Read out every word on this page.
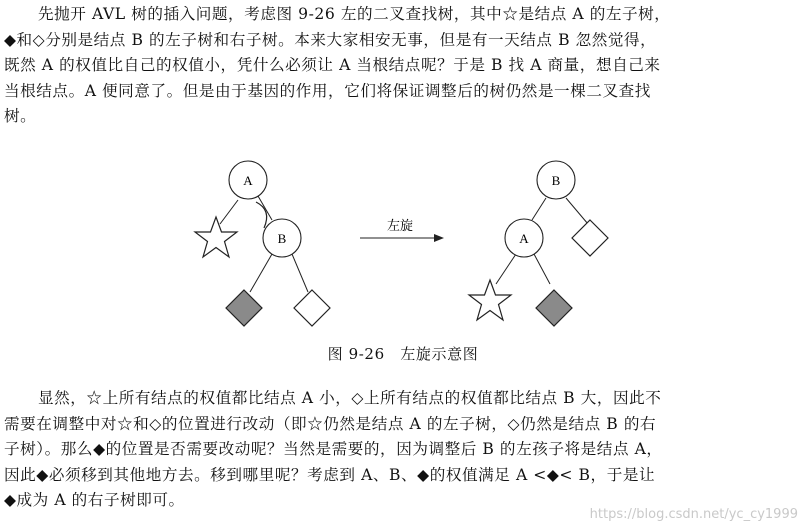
先抛开 AVL 树的插入问题，考虑图 9-26 左的二叉查找树，其中☆是结点 A 的左子树，
◆和◇分别是结点 B 的左子树和右子树。本来大家相安无事，但是有一天结点 B 忽然觉得，
既然 A 的权值比自己的权值小，凭什么必须让 A 当根结点呢？于是 B 找 A 商量，想自己来
当根结点。A 便同意了。但是由于基因的作用，它们将保证调整后的树仍然是一棵二叉查找
树。

A
B
左旋
B
A
图 9-26　左旋示意图

显然，☆上所有结点的权值都比结点 A 小，◇上所有结点的权值都比结点 B 大，因此不
需要在调整中对☆和◇的位置进行改动（即☆仍然是结点 A 的左子树，◇仍然是结点 B 的右
子树）。那么◆的位置是否需要改动呢？当然是需要的，因为调整后 B 的左孩子将是结点 A，
因此◆必须移到其他地方去。移到哪里呢？考虑到 A、B、◆的权值满足 A <◆< B，于是让
◆成为 A 的右子树即可。

https://blog.csdn.net/yc_cy1999
